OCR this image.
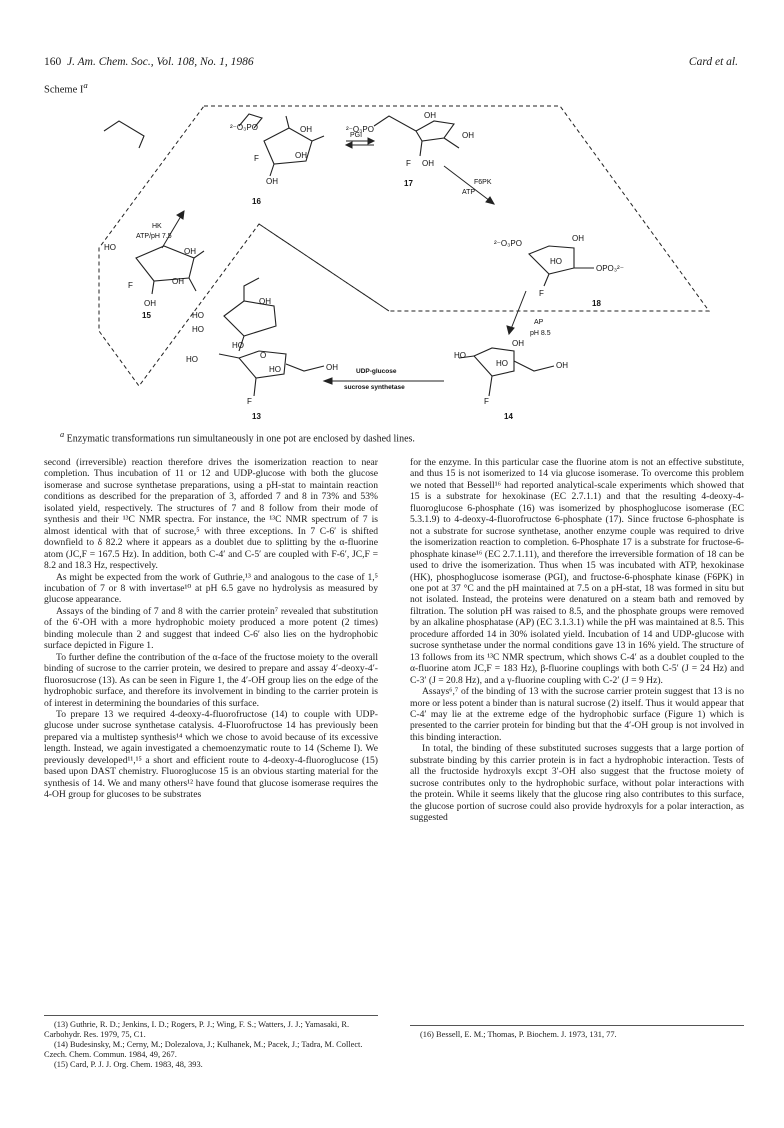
160 J. Am. Chem. Soc., Vol. 108, No. 1, 1986	Card et al.
Scheme $I^a$
²⁻O₃PO	OH
OH
F
OH
16
PGI
²⁻O₃PO
OH
OH
F OH
17	F6PK
ATP
HK
ATP/pH 7.5
HO	OH
OH
F
OH
15
²⁻O₃PO
OH
HO
OPO₃²⁻
F
18
AP
pH 8.5
OH
HO
HO
HO
O
HO
HO	OH
F
13
UDP-glucose
sucrose synthetase
HO
OH
HO	OH
F
14
$^a$ Enzymatic transformations run simultaneously in one pot are enclosed by dashed lines.

second (irreversible) reaction therefore drives the isomerization reaction to near completion. Thus incubation of 11 or 12 and UDP-glucose with both the glucose isomerase and sucrose synthetase preparations, using a pH-stat to maintain reaction conditions as described for the preparation of 3, afforded 7 and 8 in 73% and 53% isolated yield, respectively. The structures of 7 and 8 follow from their mode of synthesis and their ¹³C NMR spectra. For instance, the ¹³C NMR spectrum of 7 is almost identical with that of sucrose,⁵ with three exceptions. In 7 C-6′ is shifted downfield to δ 82.2 where it appears as a doublet due to splitting by the α-fluorine atom (JC,F = 167.5 Hz). In addition, both C-4′ and C-5′ are coupled with F-6′, JC,F = 8.2 and 18.3 Hz, respectively.

As might be expected from the work of Guthrie,¹³ and analogous to the case of 1,⁵ incubation of 7 or 8 with invertase¹⁰ at pH 6.5 gave no hydrolysis as measured by glucose appearance.

Assays of the binding of 7 and 8 with the carrier protein⁷ revealed that substitution of the 6′-OH with a more hydrophobic moiety produced a more potent (2 times) binding molecule than 2 and suggest that indeed C-6′ also lies on the hydrophobic surface depicted in Figure 1.

To further define the contribution of the α-face of the fructose moiety to the overall binding of sucrose to the carrier protein, we desired to prepare and assay 4′-deoxy-4′-fluorosucrose (13). As can be seen in Figure 1, the 4′-OH group lies on the edge of the hydrophobic surface, and therefore its involvement in binding to the carrier protein is of interest in determining the boundaries of this surface.

To prepare 13 we required 4-deoxy-4-fluorofructose (14) to couple with UDP-glucose under sucrose synthetase catalysis. 4-Fluorofructose 14 has previously been prepared via a multistep synthesis¹⁴ which we chose to avoid because of its excessive length. Instead, we again investigated a chemoenzymatic route to 14 (Scheme I). We previously developed¹¹,¹⁵ a short and efficient route to 4-deoxy-4-fluoroglucose (15) based upon DAST chemistry. Fluoroglucose 15 is an obvious starting material for the synthesis of 14. We and many others¹² have found that glucose isomerase requires the 4-OH group for glucoses to be substrates

for the enzyme. In this particular case the fluorine atom is not an effective substitute, and thus 15 is not isomerized to 14 via glucose isomerase. To overcome this problem we noted that Bessell¹⁶ had reported analytical-scale experiments which showed that 15 is a substrate for hexokinase (EC 2.7.1.1) and that the resulting 4-deoxy-4-fluoroglucose 6-phosphate (16) was isomerized by phosphoglucose isomerase (EC 5.3.1.9) to 4-deoxy-4-fluorofructose 6-phosphate (17). Since fructose 6-phosphate is not a substrate for sucrose synthetase, another enzyme couple was required to drive the isomerization reaction to completion. 6-Phosphate 17 is a substrate for fructose-6-phosphate kinase¹⁶ (EC 2.7.1.11), and therefore the irreversible formation of 18 can be used to drive the isomerization. Thus when 15 was incubated with ATP, hexokinase (HK), phosphoglucose isomerase (PGI), and fructose-6-phosphate kinase (F6PK) in one pot at 37 °C and the pH maintained at 7.5 on a pH-stat, 18 was formed in situ but not isolated. Instead, the proteins were denatured on a steam bath and removed by filtration. The solution pH was raised to 8.5, and the phosphate groups were removed by an alkaline phosphatase (AP) (EC 3.1.3.1) while the pH was maintained at 8.5. This procedure afforded 14 in 30% isolated yield. Incubation of 14 and UDP-glucose with sucrose synthetase under the normal conditions gave 13 in 16% yield. The structure of 13 follows from its ¹³C NMR spectrum, which shows C-4′ as a doublet coupled to the α-fluorine atom JC,F = 183 Hz), β-fluorine couplings with both C-5′ (J = 24 Hz) and C-3′ (J = 20.8 Hz), and a γ-fluorine coupling with C-2′ (J = 9 Hz).

Assays⁶,⁷ of the binding of 13 with the sucrose carrier protein suggest that 13 is no more or less potent a binder than is natural sucrose (2) itself. Thus it would appear that C-4′ may lie at the extreme edge of the hydrophobic surface (Figure 1) which is presented to the carrier protein for binding but that the 4′-OH group is not involved in this binding interaction.

In total, the binding of these substituted sucroses suggests that a large portion of substrate binding by this carrier protein is in fact a hydrophobic interaction. Tests of all the fructoside hydroxyls excpt 3′-OH also suggest that the fructose moiety of sucrose contributes only to the hydrophobic surface, without polar interactions with the protein. While it seems likely that the glucose ring also contributes to this surface, the glucose portion of sucrose could also provide hydroxyls for a polar interaction, as suggested

(13) Guthrie, R. D.; Jenkins, I. D.; Rogers, P. J.; Wing, F. S.; Watters, J. J.; Yamasaki, R. Carbohydr. Res. 1979, 75, C1.

(14) Budesinsky, M.; Cerny, M.; Dolezalova, J.; Kulhanek, M.; Pacek, J.; Tadra, M. Collect. Czech. Chem. Commun. 1984, 49, 267.

(15) Card, P. J. J. Org. Chem. 1983, 48, 393.

(16) Bessell, E. M.; Thomas, P. Biochem. J. 1973, 131, 77.
